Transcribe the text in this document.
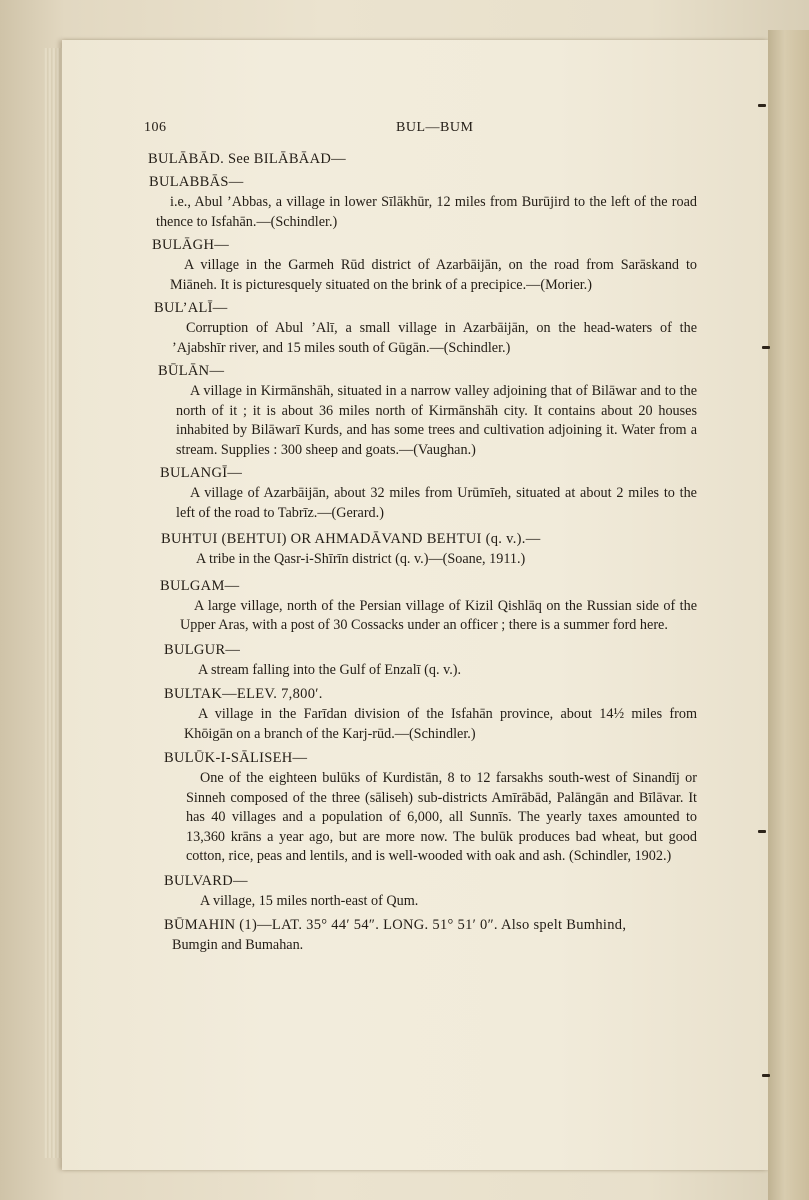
106	BUL—BUM
BULĀBĀD. See BILĀBĀAD—
BULABBĀS—
i.e., Abul ’Abbas, a village in lower Sīlākhūr, 12 miles from Burūjird to the left of the road thence to Isfahān.—(Schindler.)
BULĀGH—
A village in the Garmeh Rūd district of Azarbāijān, on the road from Sarāskand to Miāneh. It is picturesquely situated on the brink of a precipice.—(Morier.)
BUL’ALĪ—
Corruption of Abul ’Alī, a small village in Azarbāijān, on the head-waters of the ’Ajabshīr river, and 15 miles south of Gūgān.—(Schindler.)
BŪLĀN—
A village in Kirmānshāh, situated in a narrow valley adjoining that of Bilāwar and to the north of it ; it is about 36 miles north of Kirmānshāh city. It contains about 20 houses inhabited by Bilāwarī Kurds, and has some trees and cultivation adjoining it. Water from a stream. Supplies : 300 sheep and goats.—(Vaughan.)
BULANGĪ—
A village of Azarbāijān, about 32 miles from Urūmīeh, situated at about 2 miles to the left of the road to Tabrīz.—(Gerard.)
BUHTUI (BEHTUI) OR AHMADĀVAND BEHTUI (q. v.).—
A tribe in the Qasr-i-Shīrīn district (q. v.)—(Soane, 1911.)
BULGAM—
A large village, north of the Persian village of Kizil Qishlāq on the Russian side of the Upper Aras, with a post of 30 Cossacks under an officer ; there is a summer ford here.
BULGUR—
A stream falling into the Gulf of Enzalī (q. v.).
BULTAK—ELEV. 7,800′.
A village in the Farīdan division of the Isfahān province, about 14½ miles from Khōigān on a branch of the Karj-rūd.—(Schindler.)
BULŪK-I-SĀLISEH—
One of the eighteen bulūks of Kurdistān, 8 to 12 farsakhs south-west of Sinandīj or Sinneh composed of the three (sāliseh) sub-districts Amīrābād, Palāngān and Bīlāvar. It has 40 villages and a population of 6,000, all Sunnīs. The yearly taxes amounted to 13,360 krāns a year ago, but are more now. The bulūk produces bad wheat, but good cotton, rice, peas and lentils, and is well-wooded with oak and ash. (Schindler, 1902.)
BULVARD—
A village, 15 miles north-east of Qum.
BŪMAHIN (1)—LAT. 35° 44′ 54″. LONG. 51° 51′ 0″. Also spelt Bumhind,
Bumgin and Bumahan.
